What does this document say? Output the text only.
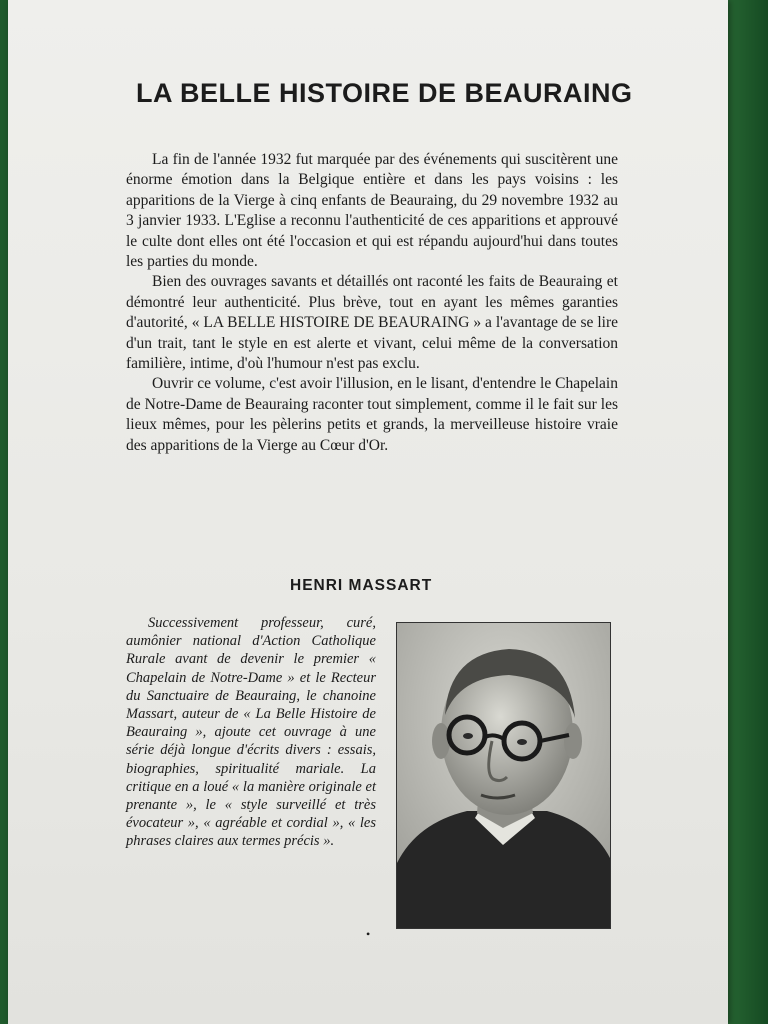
LA BELLE HISTOIRE DE BEAURAING

La fin de l'année 1932 fut marquée par des événements qui suscitèrent une énorme émotion dans la Belgique entière et dans les pays voisins : les apparitions de la Vierge à cinq enfants de Beauraing, du 29 novembre 1932 au 3 janvier 1933. L'Eglise a reconnu l'authenticité de ces apparitions et approuvé le culte dont elles ont été l'occasion et qui est répandu aujourd'hui dans toutes les parties du monde.

Bien des ouvrages savants et détaillés ont raconté les faits de Beauraing et démontré leur authenticité. Plus brève, tout en ayant les mêmes garanties d'autorité, « LA BELLE HISTOIRE DE BEAURAING » a l'avantage de se lire d'un trait, tant le style en est alerte et vivant, celui même de la conversation familière, intime, d'où l'humour n'est pas exclu.

Ouvrir ce volume, c'est avoir l'illusion, en le lisant, d'entendre le Chapelain de Notre-Dame de Beauraing raconter tout simplement, comme il le fait sur les lieux mêmes, pour les pèlerins petits et grands, la merveilleuse histoire vraie des apparitions de la Vierge au Cœur d'Or.

HENRI MASSART

Successivement professeur, curé, aumônier national d'Action Catholique Rurale avant de devenir le premier « Chapelain de Notre-Dame » et le Recteur du Sanctuaire de Beauraing, le chanoine Massart, auteur de « La Belle Histoire de Beauraing », ajoute cet ouvrage à une série déjà longue d'écrits divers : essais, biographies, spiritualité mariale. La critique en a loué « la manière originale et prenante », le « style surveillé et très évocateur », « agréable et cordial », « les phrases claires aux termes précis ».

•
